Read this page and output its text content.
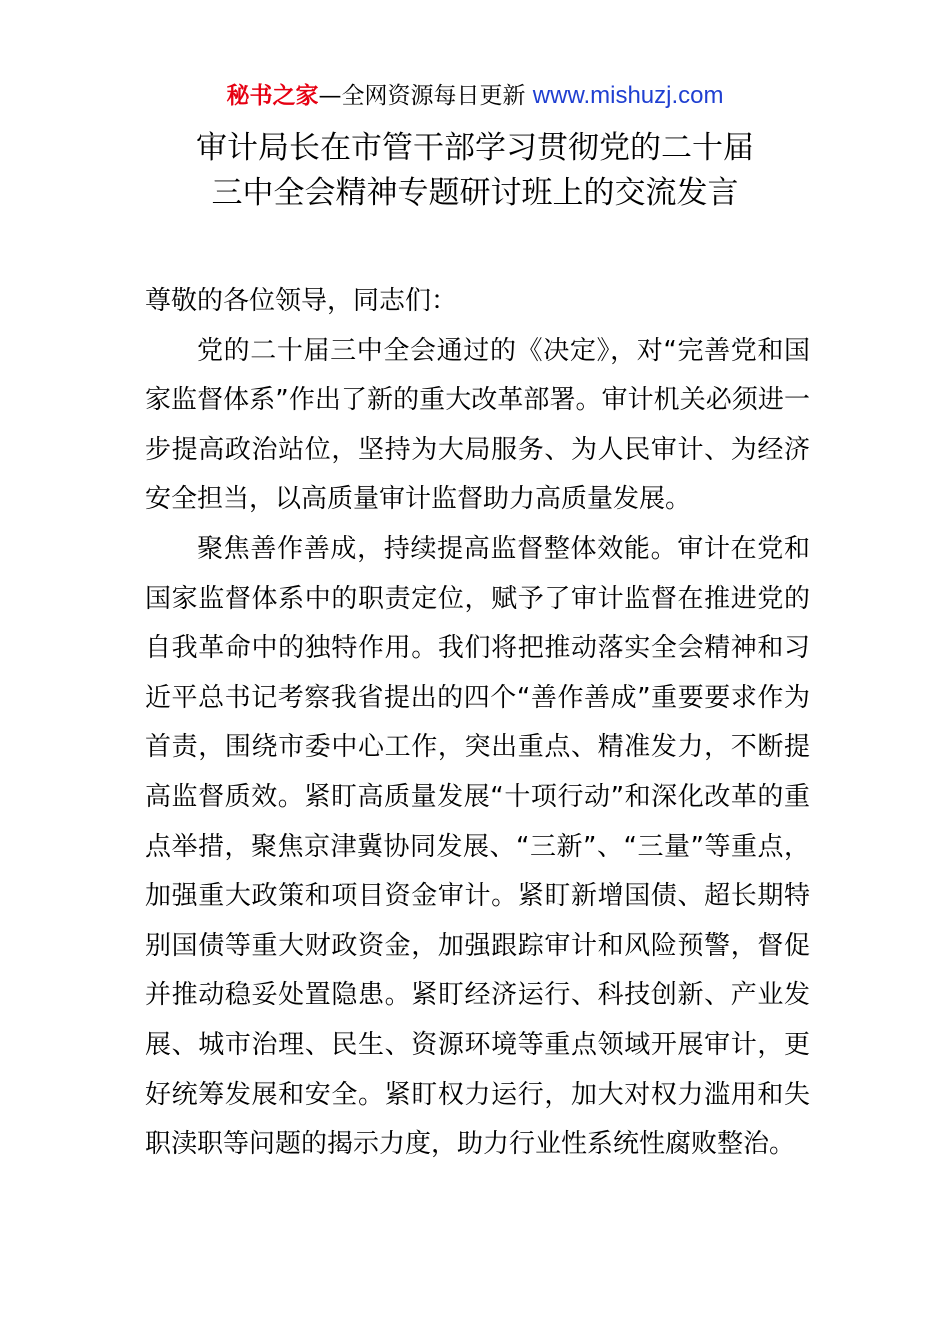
秘书之家—全网资源每日更新 www.mishuzj.com
审计局长在市管干部学习贯彻党的二十届
三中全会精神专题研讨班上的交流发言

尊敬的各位领导，同志们：

党的二十届三中全会通过的《决定》，对“完善党和国家监督体系”作出了新的重大改革部署。审计机关必须进一步提高政治站位，坚持为大局服务、为人民审计、为经济安全担当，以高质量审计监督助力高质量发展。

聚焦善作善成，持续提高监督整体效能。审计在党和国家监督体系中的职责定位，赋予了审计监督在推进党的自我革命中的独特作用。我们将把推动落实全会精神和习近平总书记考察我省提出的四个“善作善成”重要要求作为首责，围绕市委中心工作，突出重点、精准发力，不断提高监督质效。紧盯高质量发展“十项行动”和深化改革的重点举措，聚焦京津冀协同发展、“三新”、“三量”等重点，加强重大政策和项目资金审计。紧盯新增国债、超长期特别国债等重大财政资金，加强跟踪审计和风险预警，督促并推动稳妥处置隐患。紧盯经济运行、科技创新、产业发展、城市治理、民生、资源环境等重点领域开展审计，更好统筹发展和安全。紧盯权力运行，加大对权力滥用和失职渎职等问题的揭示力度，助力行业性系统性腐败整治。
